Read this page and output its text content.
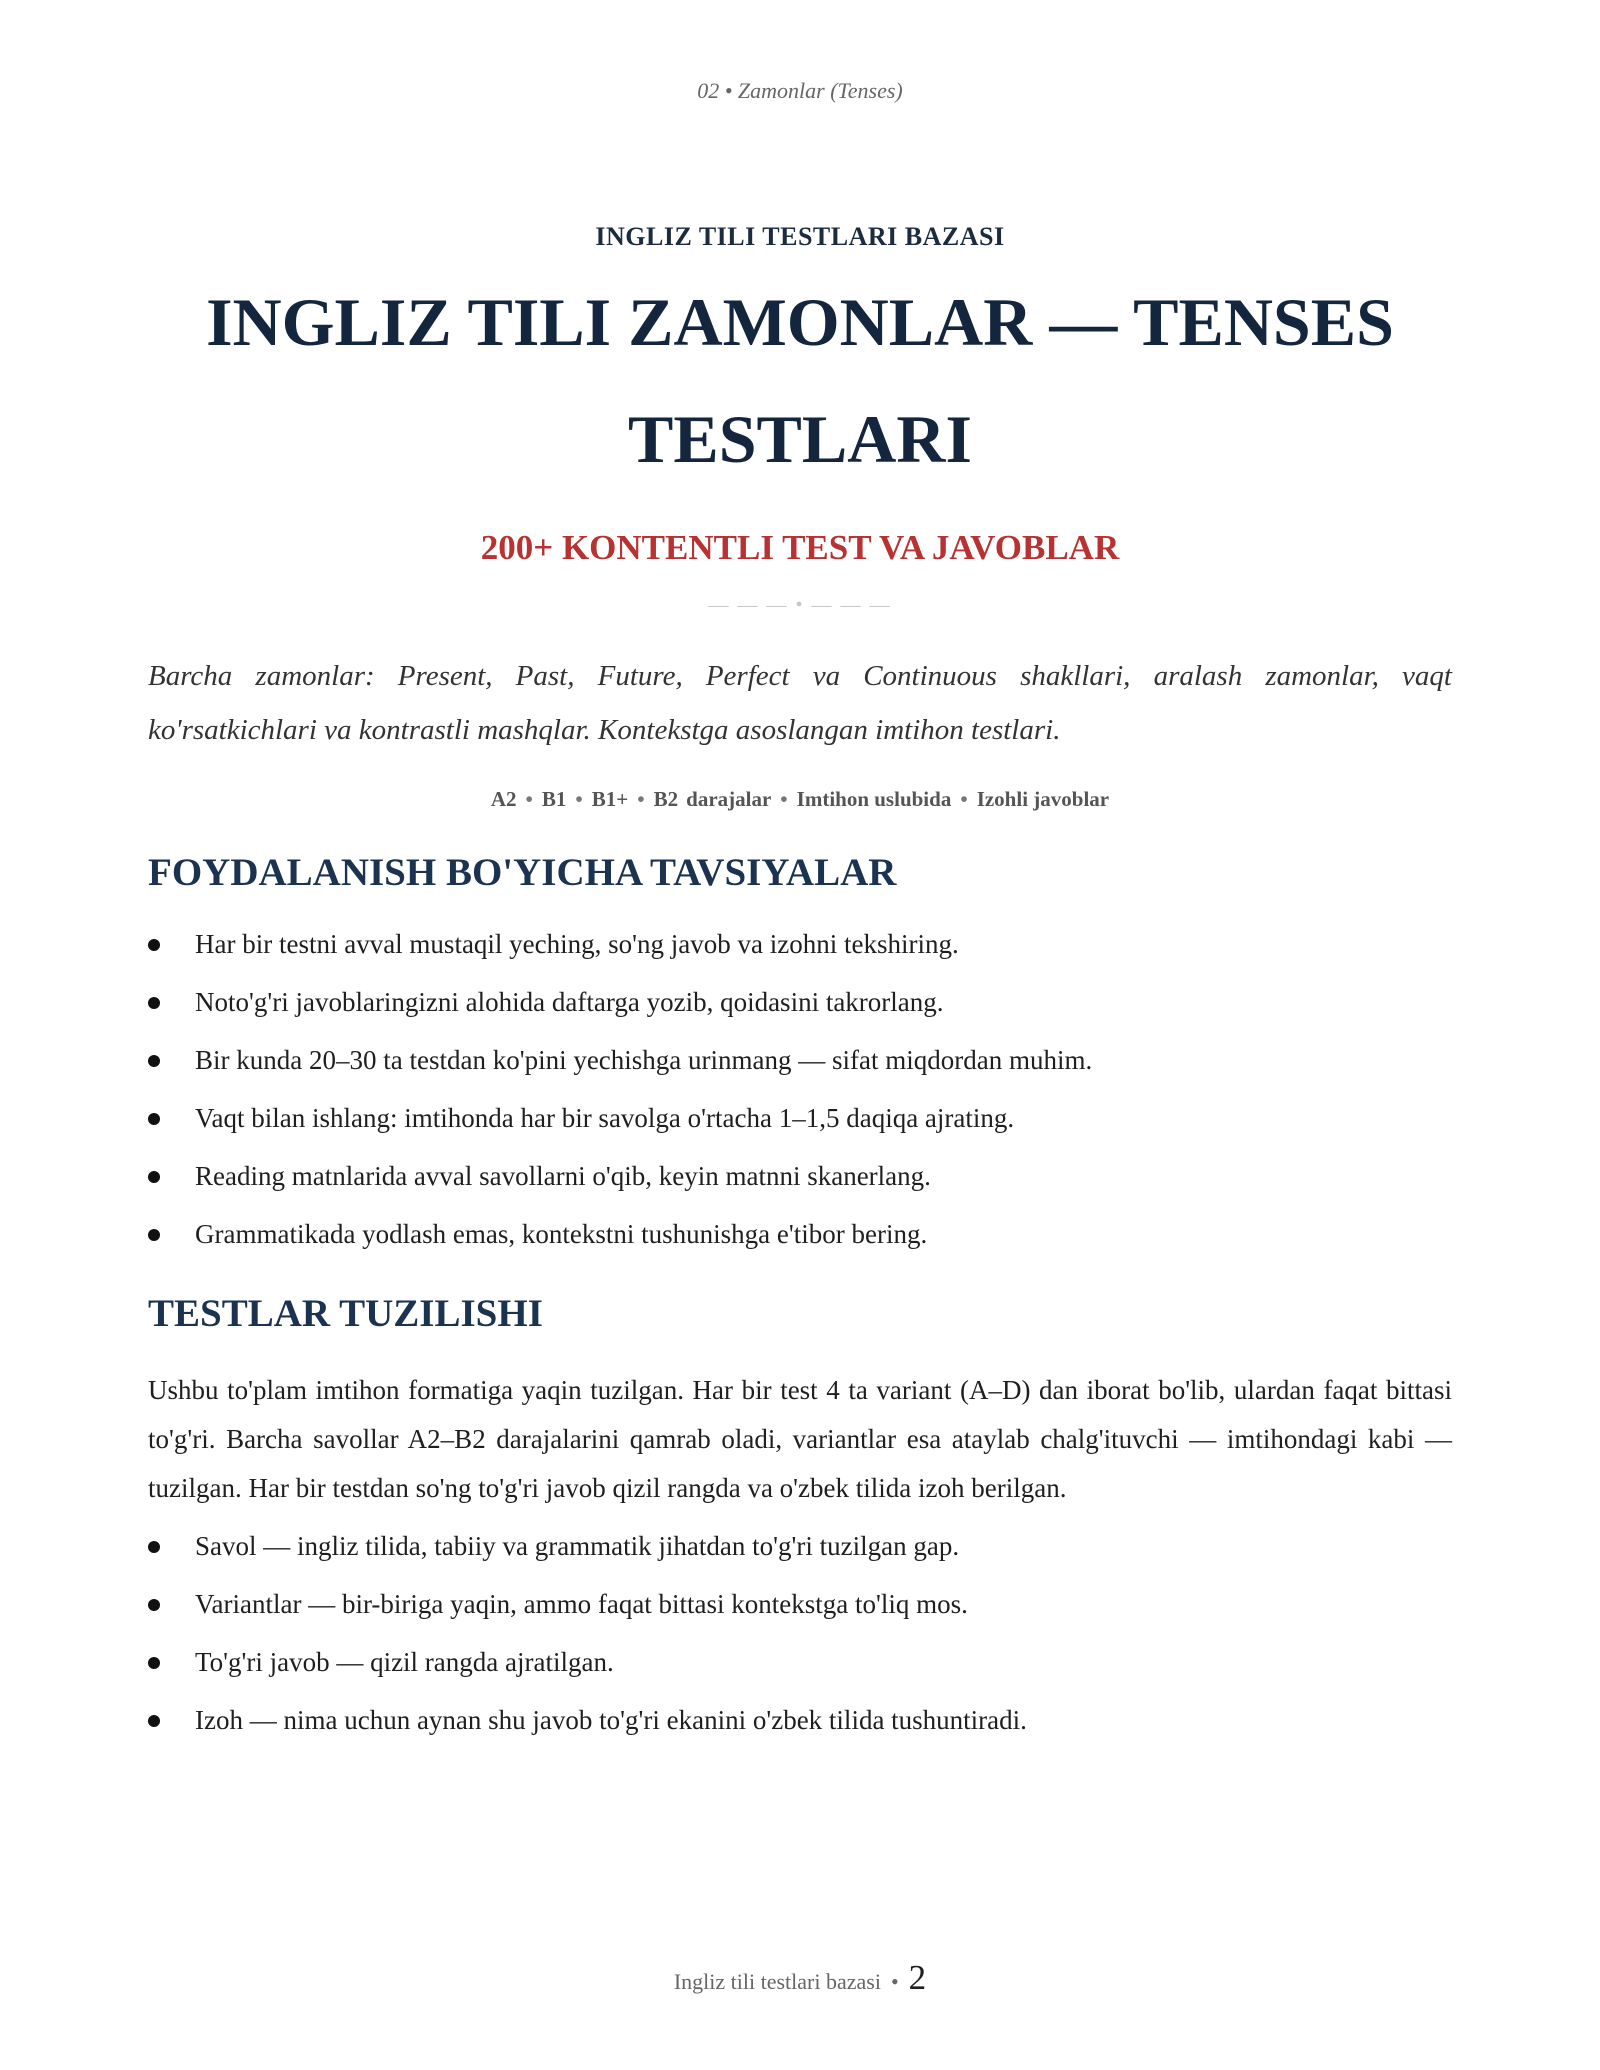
02 • Zamonlar (Tenses)
INGLIZ TILI TESTLARI BAZASI
INGLIZ TILI ZAMONLAR — TENSES TESTLARI
200+ KONTENTLI TEST VA JAVOBLAR
— — — • — — —

Barcha zamonlar: Present, Past, Future, Perfect va Continuous shakllari, aralash zamonlar, vaqt ko'rsatkichlari va kontrastli mashqlar. Kontekstga asoslangan imtihon testlari.

A2 • B1 • B1+ • B2 darajalar • Imtihon uslubida • Izohli javoblar
FOYDALANISH BO'YICHA TAVSIYALAR
Har bir testni avval mustaqil yeching, so'ng javob va izohni tekshiring.
Noto'g'ri javoblaringizni alohida daftarga yozib, qoidasini takrorlang.
Bir kunda 20–30 ta testdan ko'pini yechishga urinmang — sifat miqdordan muhim.
Vaqt bilan ishlang: imtihonda har bir savolga o'rtacha 1–1,5 daqiqa ajrating.
Reading matnlarida avval savollarni o'qib, keyin matnni skanerlang.
Grammatikada yodlash emas, kontekstni tushunishga e'tibor bering.
TESTLAR TUZILISHI

Ushbu to'plam imtihon formatiga yaqin tuzilgan. Har bir test 4 ta variant (A–D) dan iborat bo'lib, ulardan faqat bittasi to'g'ri. Barcha savollar A2–B2 darajalarini qamrab oladi, variantlar esa ataylab chalg'ituvchi — imtihondagi kabi — tuzilgan. Har bir testdan so'ng to'g'ri javob qizil rangda va o'zbek tilida izoh berilgan.

Savol — ingliz tilida, tabiiy va grammatik jihatdan to'g'ri tuzilgan gap.
Variantlar — bir-biriga yaqin, ammo faqat bittasi kontekstga to'liq mos.
To'g'ri javob — qizil rangda ajratilgan.
Izoh — nima uchun aynan shu javob to'g'ri ekanini o'zbek tilida tushuntiradi.
Ingliz tili testlari bazasi • 2
